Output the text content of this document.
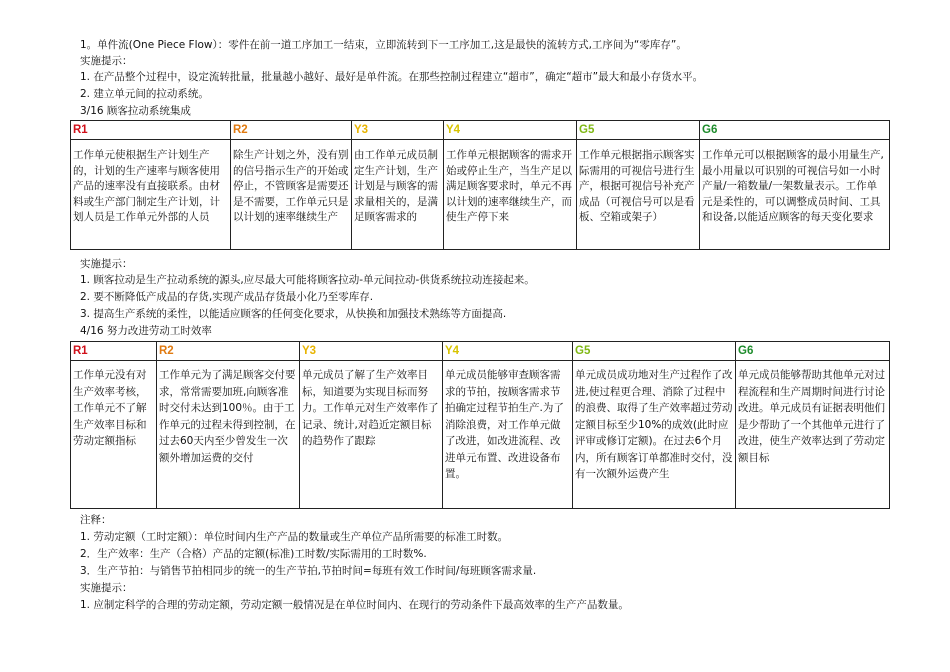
1。单件流(One Piece Flow）：零件在前一道工序加工一结束，立即流转到下一工序加工,这是最快的流转方式,工序间为“零库存”。
实施提示：
1. 在产品整个过程中，设定流转批量，批量越小越好、最好是单件流。在那些控制过程建立“超市”，确定“超市”最大和最小存货水平。
2. 建立单元间的拉动系统。
3/16 顾客拉动系统集成
R1	R2	Y3	Y4	G5	G6
工作单元使根据生产计划生产的，计划的生产速率与顾客使用产品的速率没有直接联系。由材料或生产部门制定生产计划，计划人员是工作单元外部的人员	除生产计划之外，没有别的信号指示生产的开始或停止，不管顾客是需要还是不需要，工作单元只是以计划的速率继续生产	由工作单元成员制定生产计划，生产计划是与顾客的需求量相关的，是满足顾客需求的	工作单元根据顾客的需求开始或停止生产，当生产足以满足顾客要求时，单元不再以计划的速率继续生产，而使生产停下来	工作单元根据指示顾客实际需用的可视信号进行生产，根据可视信号补充产成品（可视信号可以是看板、空箱或架子）	工作单元可以根据顾客的最小用量生产,最小用量以可识别的可视信号如一小时产量/一箱数量/一架数量表示。工作单元是柔性的，可以调整成员时间、工具和设备,以能适应顾客的每天变化要求
实施提示：
1. 顾客拉动是生产拉动系统的源头,应尽最大可能将顾客拉动-单元间拉动-供货系统拉动连接起来。
2. 要不断降低产成品的存货,实现产成品存货最小化乃至零库存.
3. 提高生产系统的柔性，以能适应顾客的任何变化要求，从快换和加强技术熟练等方面提高.
4/16 努力改进劳动工时效率
R1	R2	Y3	Y4	G5	G6
工作单元没有对生产效率考核，工作单元不了解生产效率目标和劳动定额指标	工作单元为了满足顾客交付要求，常常需要加班,向顾客准时交付未达到100％。由于工作单元的过程未得到控制，在过去60天内至少曾发生一次额外增加运费的交付	单元成员了解了生产效率目标，知道要为实现目标而努力。工作单元对生产效率作了记录、统计,对趋近定额目标的趋势作了跟踪	单元成员能够审查顾客需求的节拍，按顾客需求节拍确定过程节拍生产.为了消除浪费，对工作单元做了改进，如改进流程、改进单元布置、改进设备布置。	单元成员成功地对生产过程作了改进,使过程更合理、消除了过程中的浪费、取得了生产效率超过劳动定额目标至少10%的成效(此时应评审或修订定额)。在过去6个月内，所有顾客订单都准时交付，没有一次额外运费产生	单元成员能够帮助其他单元对过程流程和生产周期时间进行讨论改进。单元成员有证据表明他们是少帮助了一个其他单元进行了改进，使生产效率达到了劳动定额目标
注释：
1. 劳动定额（工时定额）：单位时间内生产产品的数量或生产单位产品所需要的标准工时数。
2．生产效率：生产（合格）产品的定额(标准)工时数/实际需用的工时数%.
3．生产节拍：与销售节拍相同步的统一的生产节拍,节拍时间=每班有效工作时间/每班顾客需求量.
实施提示：
1. 应制定科学的合理的劳动定额，劳动定额一般情况是在单位时间内、在现行的劳动条件下最高效率的生产产品数量。
